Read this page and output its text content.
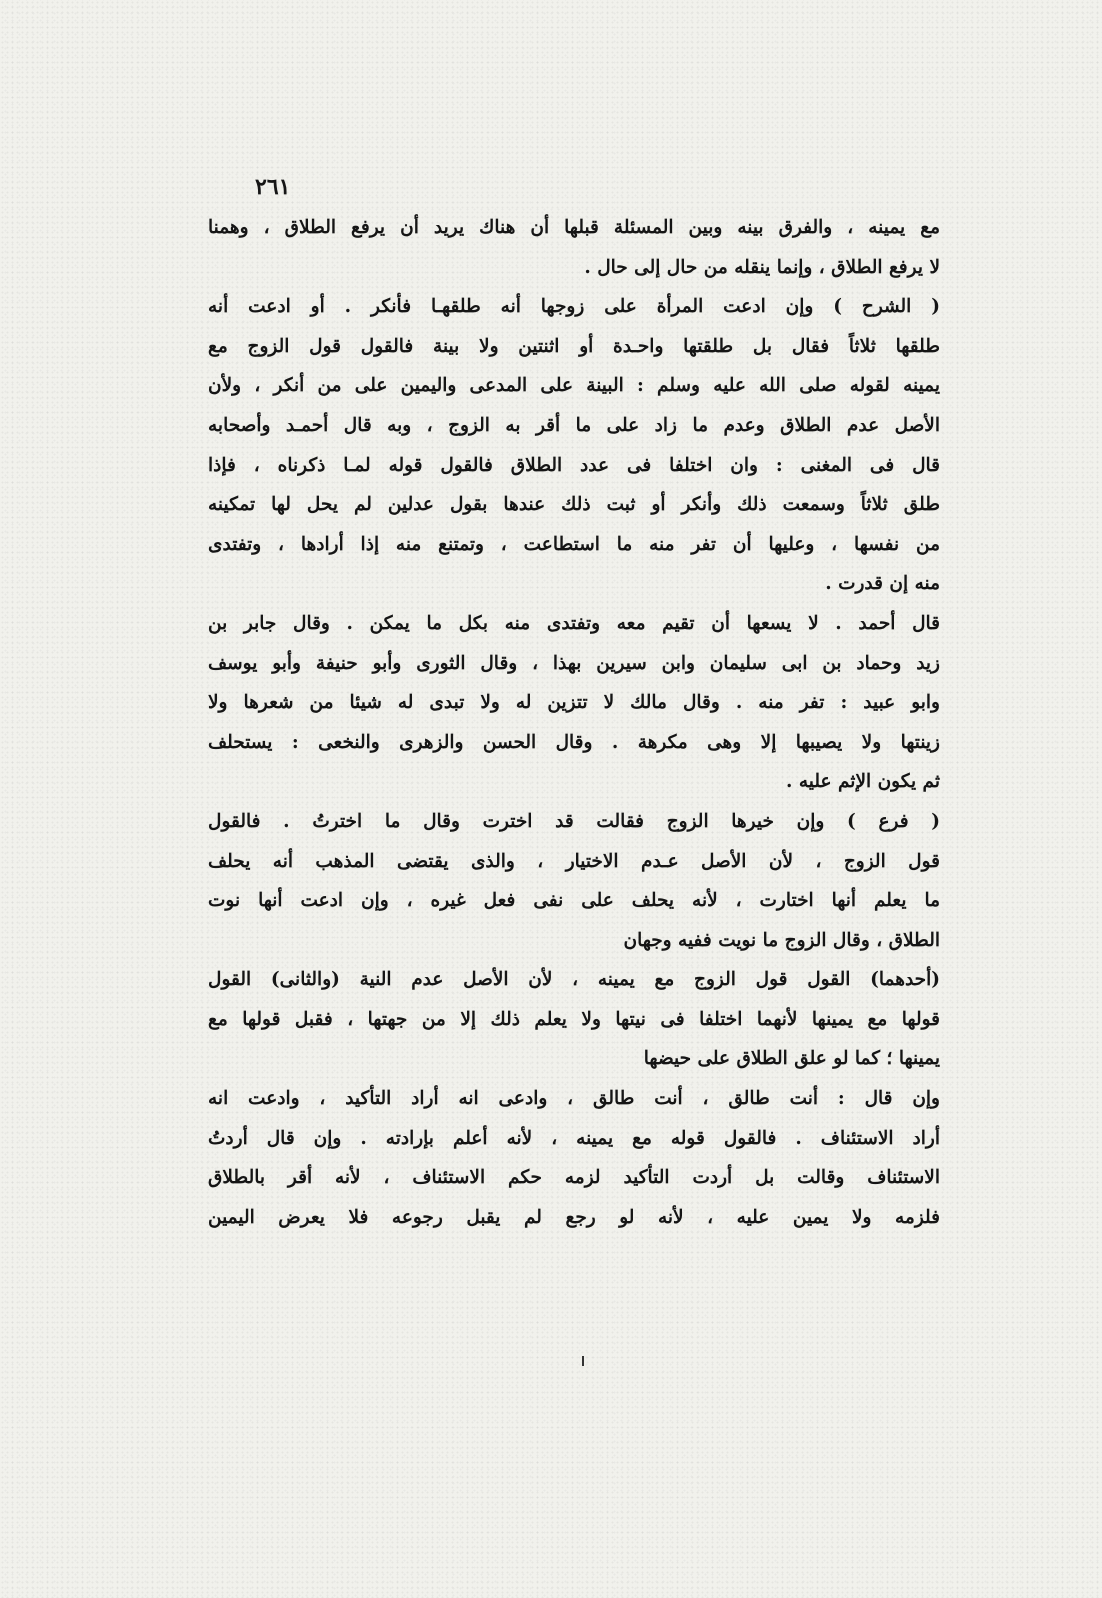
٢٦١
مع يمينه ، والفرق بينه وبين المسئلة قبلها أن هناك يريد أن يرفع الطلاق ، وهمنا
لا يرفع الطلاق ، وإنما ينقله من حال إلى حال .
( الشرح ) وإن ادعت المرأة على زوجها أنه طلقهـا فأنكر . أو ادعت أنه
طلقها ثلاثاً فقال بل طلقتها واحـدة أو اثنتين ولا بينة فالقول قول الزوج مع
يمينه لقوله صلى الله عليه وسلم : البينة على المدعى واليمين على من أنكر ، ولأن
الأصل عدم الطلاق وعدم ما زاد على ما أقر به الزوج ، وبه قال أحمـد وأصحابه
قال فى المغنى : وان اختلفا فى عدد الطلاق فالقول قوله لمـا ذكرناه ، فإذا
طلق ثلاثاً وسمعت ذلك وأنكر أو ثبت ذلك عندها بقول عدلين لم يحل لها تمكينه
من نفسها ، وعليها أن تفر منه ما استطاعت ، وتمتنع منه إذا أرادها ، وتفتدى
منه إن قدرت .
قال أحمد . لا يسعها أن تقيم معه وتفتدى منه بكل ما يمكن . وقال جابر بن
زيد وحماد بن ابى سليمان وابن سيرين بهذا ، وقال الثورى وأبو حنيفة وأبو يوسف
وابو عبيد : تفر منه . وقال مالك لا تتزين له ولا تبدى له شيئا من شعرها ولا
زينتها ولا يصيبها إلا وهى مكرهة . وقال الحسن والزهرى والنخعى : يستحلف
ثم يكون الإثم عليه .
( فرع ) وإن خيرها الزوج فقالت قد اخترت وقال ما اخترتُ . فالقول
قول الزوج ، لأن الأصل عـدم الاختيار ، والذى يقتضى المذهب أنه يحلف
ما يعلم أنها اختارت ، لأنه يحلف على نفى فعل غيره ، وإن ادعت أنها نوت
الطلاق ، وقال الزوج ما نويت ففيه وجهان
(أحدهما) القول قول الزوج مع يمينه ، لأن الأصل عدم النية (والثانى) القول
قولها مع يمينها لأنهما اختلفا فى نيتها ولا يعلم ذلك إلا من جهتها ، فقبل قولها مع
يمينها ؛ كما لو علق الطلاق على حيضها
وإن قال : أنت طالق ، أنت طالق ، وادعى انه أراد التأكيد ، وادعت انه
أراد الاستئناف . فالقول قوله مع يمينه ، لأنه أعلم بإرادته . وإن قال أردتُ
الاستئناف وقالت بل أردت التأكيد لزمه حكم الاستئناف ، لأنه أقر بالطلاق
فلزمه ولا يمين عليه ، لأنه لو رجع لم يقبل رجوعه فلا يعرض اليمين
